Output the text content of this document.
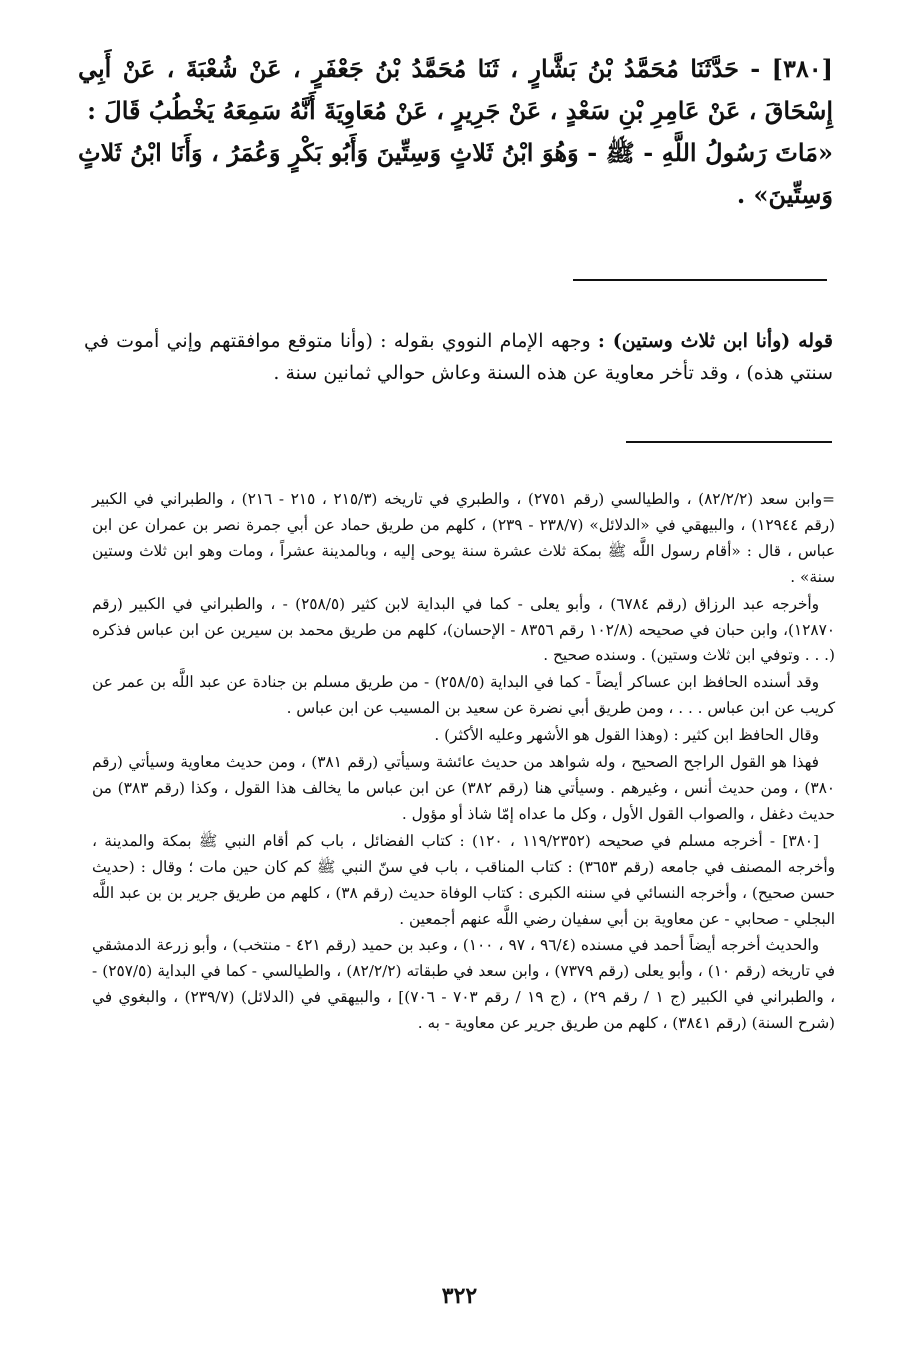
[٣٨٠] - حَدَّثَنَا مُحَمَّدُ بْنُ بَشَّارٍ ، ثَنَا مُحَمَّدُ بْنُ جَعْفَرٍ ، عَنْ شُعْبَةَ ، عَنْ أَبِي إِسْحَاقَ ، عَنْ عَامِرِ بْنِ سَعْدٍ ، عَنْ جَرِيرٍ ، عَنْ مُعَاوِيَةَ أَنَّهُ سَمِعَهُ يَخْطُبُ قَالَ :

«مَاتَ رَسُولُ اللَّهِ - ﷺ - وَهُوَ ابْنُ ثَلاثٍ وَسِتِّينَ وَأَبُو بَكْرٍ وَعُمَرُ ، وَأَنَا ابْنُ ثَلاثٍ وَسِتِّينَ» .

قوله (وأنا ابن ثلاث وستين) : وجهه الإمام النووي بقوله : (وأنا متوقع موافقتهم وإني أموت في سنتي هذه) ، وقد تأخر معاوية عن هذه السنة وعاش حوالي ثمانين سنة .

=وابن سعد (٨٢/٢/٢) ، والطيالسي (رقم ٢٧٥١) ، والطبري في تاريخه (٢١٥/٣ ، ٢١٥ - ٢١٦) ، والطبراني في الكبير (رقم ١٢٩٤٤) ، والبيهقي في «الدلائل» (٢٣٨/٧ - ٢٣٩) ، كلهم من طريق حماد عن أبي جمرة نصر بن عمران عن ابن عباس ، قال : «أقام رسول اللَّه ﷺ بمكة ثلاث عشرة سنة يوحى إليه ، وبالمدينة عشراً ، ومات وهو ابن ثلاث وستين سنة» .

وأخرجه عبد الرزاق (رقم ٦٧٨٤) ، وأبو يعلى - كما في البداية لابن كثير (٢٥٨/٥) - ، والطبراني في الكبير (رقم ١٢٨٧٠)، وابن حبان في صحيحه (١٠٢/٨ رقم ٨٣٥٦ - الإحسان)، كلهم من طريق محمد بن سيرين عن ابن عباس فذكره (. . . وتوفي ابن ثلاث وستين) . وسنده صحيح .

وقد أسنده الحافظ ابن عساكر أيضاً - كما في البداية (٢٥٨/٥) - من طريق مسلم بن جنادة عن عبد اللَّه بن عمر عن كريب عن ابن عباس . . . ، ومن طريق أبي نضرة عن سعيد بن المسيب عن ابن عباس .

وقال الحافظ ابن كثير : (وهذا القول هو الأشهر وعليه الأكثر) .

فهذا هو القول الراجح الصحيح ، وله شواهد من حديث عائشة وسيأتي (رقم ٣٨١) ، ومن حديث معاوية وسيأتي (رقم ٣٨٠) ، ومن حديث أنس ، وغيرهم . وسيأتي هنا (رقم ٣٨٢) عن ابن عباس ما يخالف هذا القول ، وكذا (رقم ٣٨٣) من حديث دغفل ، والصواب القول الأول ، وكل ما عداه إمّا شاذ أو مؤول .

[٣٨٠] - أخرجه مسلم في صحيحه (١١٩/٢٣٥٢ ، ١٢٠) : كتاب الفضائل ، باب كم أقام النبي ﷺ بمكة والمدينة ، وأخرجه المصنف في جامعه (رقم ٣٦٥٣) : كتاب المناقب ، باب في سنّ النبي ﷺ كم كان حين مات ؛ وقال : (حديث حسن صحيح) ، وأخرجه النسائي في سننه الكبرى : كتاب الوفاة حديث (رقم ٣٨) ، كلهم من طريق جرير بن بن عبد اللَّه البجلي - صحابي - عن معاوية بن أبي سفيان رضي اللَّه عنهم أجمعين .

والحديث أخرجه أيضاً أحمد في مسنده (٩٦/٤ ، ٩٧ ، ١٠٠) ، وعبد بن حميد (رقم ٤٢١ - منتخب) ، وأبو زرعة الدمشقي في تاريخه (رقم ١٠) ، وأبو يعلى (رقم ٧٣٧٩) ، وابن سعد في طبقاته (٨٢/٢/٢) ، والطيالسي - كما في البداية (٢٥٧/٥) - ، والطبراني في الكبير (ج ١ / رقم ٢٩) ، (ج ١٩ / رقم ٧٠٣ - ٧٠٦)] ، والبيهقي في (الدلائل) (٢٣٩/٧) ، والبغوي في (شرح السنة) (رقم ٣٨٤١) ، كلهم من طريق جرير عن معاوية - به .

٣٢٢
